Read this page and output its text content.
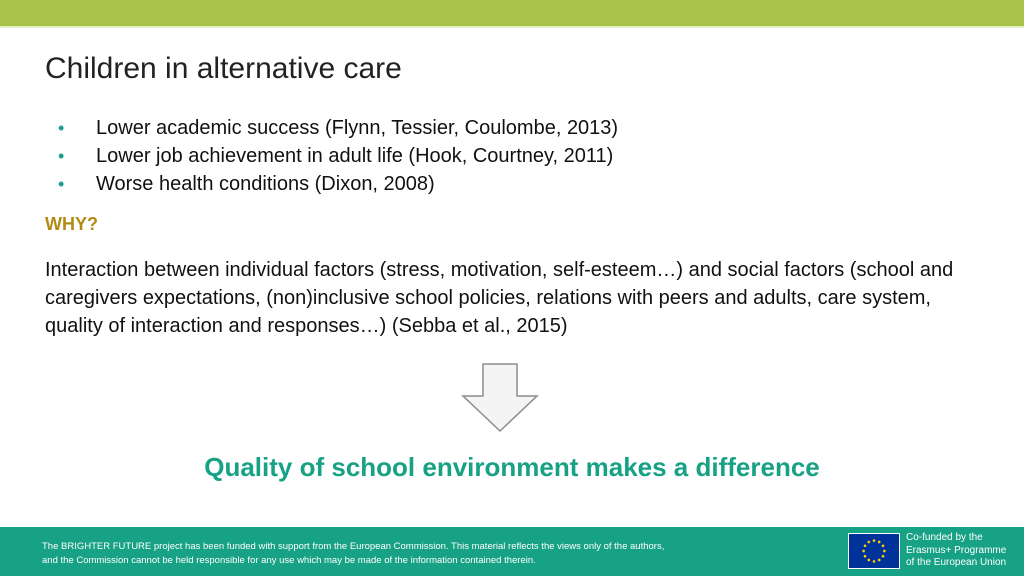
Children in alternative care
• Lower academic success (Flynn, Tessier, Coulombe, 2013)
• Lower job achievement in adult life (Hook, Courtney, 2011)
• Worse health conditions (Dixon, 2008)
WHY?
Interaction between individual factors (stress, motivation, self-esteem…) and social factors (school and caregivers expectations, (non)inclusive school policies, relations with peers and adults, care system, quality of interaction and responses…) (Sebba et al., 2015)
Quality of school environment makes a difference
The BRIGHTER FUTURE project has been funded with support from the European Commission. This material reflects the views only of the authors,
and the Commission cannot be held responsible for any use which may be made of the information contained therein.
Co-funded by the
Erasmus+ Programme
of the European Union
